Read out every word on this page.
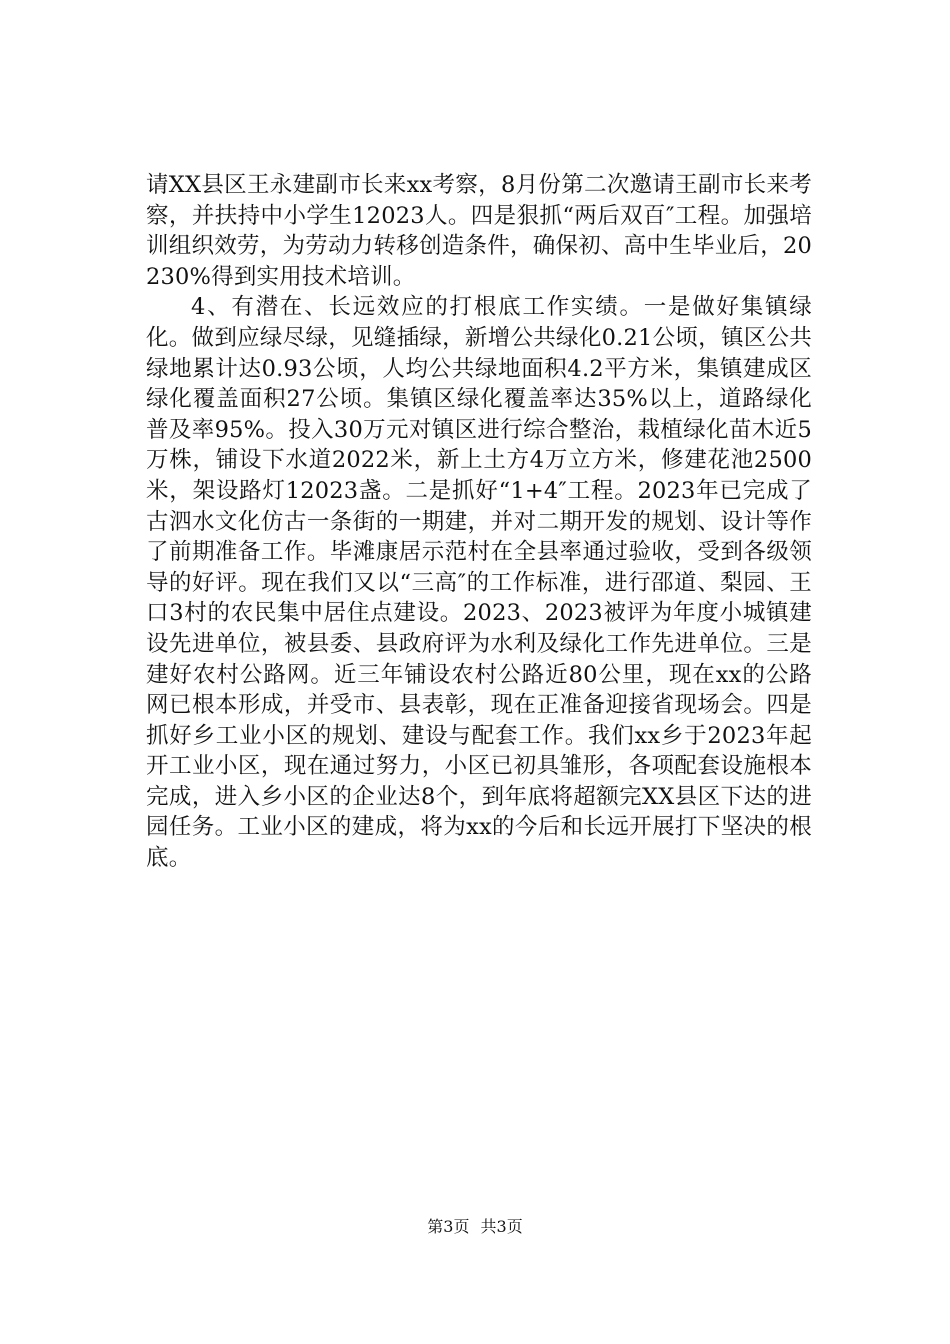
请XX县区王永建副市长来xx考察，8月份第二次邀请王副市长来考察，并扶持中小学生12023人。四是狠抓“两后双百″工程。加强培训组织效劳，为劳动力转移创造条件，确保初、高中生毕业后，20230%得到实用技术培训。

4、有潜在、长远效应的打根底工作实绩。一是做好集镇绿化。做到应绿尽绿，见缝插绿，新增公共绿化0.21公顷，镇区公共绿地累计达0.93公顷，人均公共绿地面积4.2平方米，集镇建成区绿化覆盖面积27公顷。集镇区绿化覆盖率达35%以上，道路绿化普及率95%。投入30万元对镇区进行综合整治，栽植绿化苗木近5万株，铺设下水道2022米，新上土方4万立方米，修建花池2500米，架设路灯12023盏。二是抓好“1+4″工程。2023年已完成了古泗水文化仿古一条街的一期建，并对二期开发的规划、设计等作了前期准备工作。毕滩康居示范村在全县率通过验收，受到各级领导的好评。现在我们又以“三高″的工作标准，进行邵道、梨园、王口3村的农民集中居住点建设。2023、2023被评为年度小城镇建设先进单位，被县委、县政府评为水利及绿化工作先进单位。三是建好农村公路网。近三年铺设农村公路近80公里，现在xx的公路网已根本形成，并受市、县表彰，现在正准备迎接省现场会。四是抓好乡工业小区的规划、建设与配套工作。我们xx乡于2023年起开工业小区，现在通过努力，小区已初具雏形，各项配套设施根本完成，进入乡小区的企业达8个，到年底将超额完XX县区下达的进园任务。工业小区的建成，将为xx的今后和长远开展打下坚决的根底。

第3页 共3页
